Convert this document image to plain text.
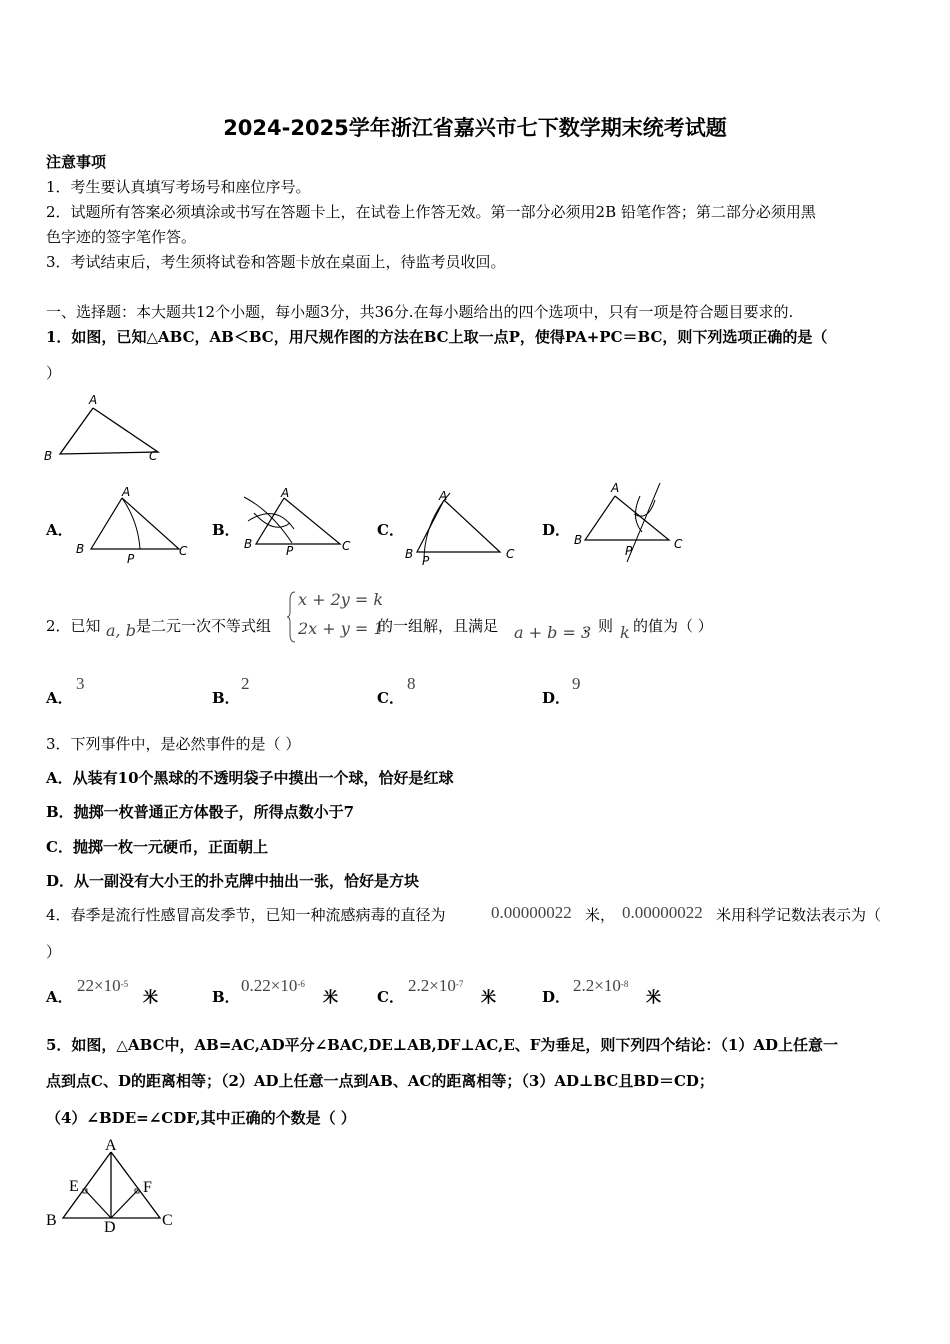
2024-2025学年浙江省嘉兴市七下数学期末统考试题
注意事项
1．考生要认真填写考场号和座位序号。
2．试题所有答案必须填涂或书写在答题卡上，在试卷上作答无效。第一部分必须用2B 铅笔作答；第二部分必须用黑
色字迹的签字笔作答。
3．考试结束后，考生须将试卷和答题卡放在桌面上，待监考员收回。
一、选择题：本大题共12个小题，每小题3分，共36分.在每小题给出的四个选项中，只有一项是符合题目要求的.
1．如图，已知△ABC，AB＜BC，用尺规作图的方法在BC上取一点P，使得PA+PC＝BC，则下列选项正确的是（
）
A
B	C
A．
A
B	C
P
B．
A
B	C
P
C．
A
B	C
P
D．
A
B	C
P
2．已知 a, b 是二元一次不等式组
x + 2y = k
2x + y = 1
的一组解，且满足 a + b = 3
，则 k 的值为（ ）
A．
3
B．
2
C．
8
D．
9
3．下列事件中，是必然事件的是（ ）
A．从装有10个黑球的不透明袋子中摸出一个球，恰好是红球
B．抛掷一枚普通正方体骰子，所得点数小于7
C．抛掷一枚一元硬币，正面朝上
D．从一副没有大小王的扑克牌中抽出一张，恰好是方块
4．春季是流行性感冒高发季节，已知一种流感病毒的直径为	0.00000022 米， 0.00000022 米用科学记数法表示为（
）
A．
$22\times 10^{-5}$
米	B．
$0.22\times 10^{-6}$
米	C．
$2.2\times 10^{-7}$
米	D．
$2.2\times 10^{-8}$
米
5．如图，△ABC中，AB=AC,AD平分∠BAC,DE⊥AB,DF⊥AC,E、F为垂足，则下列四个结论：（1）AD上任意一
点到点C、D的距离相等；（2）AD上任意一点到AB、AC的距离相等；（3）AD⊥BC且BD＝CD；
（4）∠BDE=∠CDF,其中正确的个数是（ ）
A
E	F
B	D	C
